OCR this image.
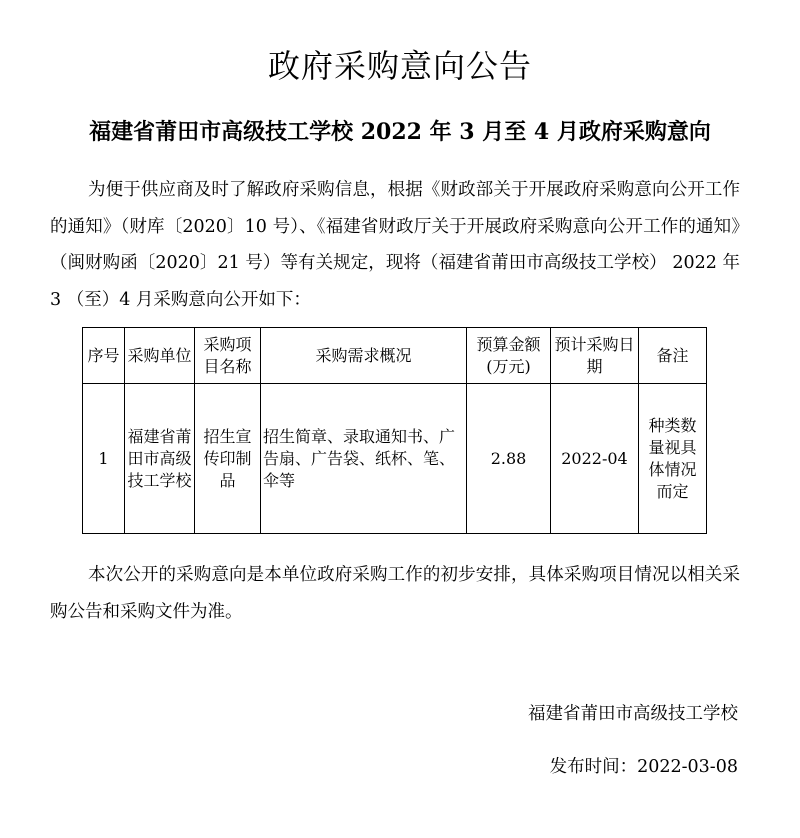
政府采购意向公告
福建省莆田市高级技工学校 2022 年 3 月至 4 月政府采购意向
为便于供应商及时了解政府采购信息，根据《财政部关于开展政府采购意向公开工作的通知》（财库〔2020〕10 号）、《福建省财政厅关于开展政府采购意向公开工作的通知》（闽财购函〔2020〕21 号）等有关规定，现将（福建省莆田市高级技工学校） 2022 年 3 （至）4 月采购意向公开如下：
序号	采购单位	采购项目名称	采购需求概况	预算金额(万元)	预计采购日期	备注
1	福建省莆田市高级技工学校	招生宣传印制品	招生简章、录取通知书、广告扇、广告袋、纸杯、笔、伞等	2.88	2022-04	种类数量视具体情况而定
本次公开的采购意向是本单位政府采购工作的初步安排，具体采购项目情况以相关采购公告和采购文件为准。
福建省莆田市高级技工学校
发布时间：2022-03-08
